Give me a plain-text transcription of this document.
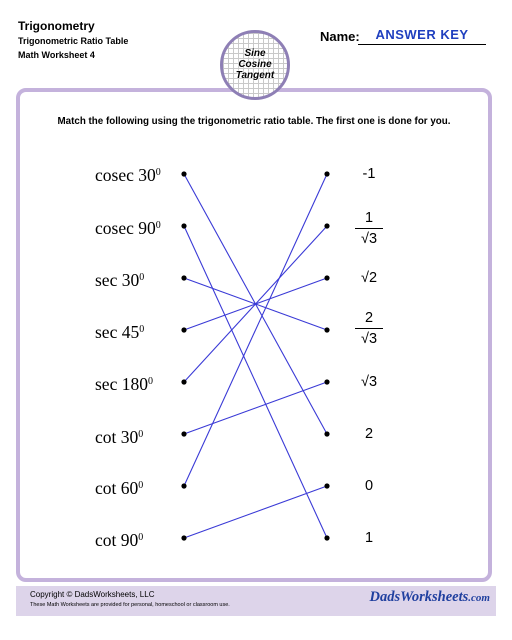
Trigonometry
Trigonometric Ratio Table
Math Worksheet 4
Name:	ANSWER KEY
Sine
Cosine
Tangent
Match the following using the trigonometric ratio table. The first one is done for you.
cosec $30^0$
cosec $90^0$
$\sec 30^0$
$\sec 45^0$
$\sec 180^0$
$\cot 30^0$
$\cot 60^0$
$\cot 90^0$
-1
1
√3
√2
2
√3
√3
2
0
1
Copyright © DadsWorksheets, LLC
These Math Worksheets are provided for personal, homeschool or classroom use.	DadsWorksheets.com
